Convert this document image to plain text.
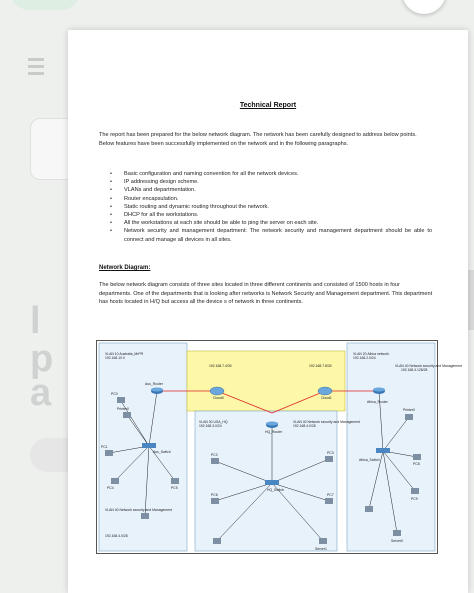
l
p
a
Technical Report

The report has been prepared for the below network diagram. The network has been carefully designed to address below points. Below features have been successfully implemented on the network and in the following paragraphs.

• Basic configuration and naming convention for all the network devices.
• IP addressing design scheme.
• VLANs and departmentation.
• Router encapsulation.
• Static routing and dynamic routing throughout the network.
• DHCP for all the workstations.
• All the workstations at each site should be able to ping the server on each site.
• Network security and management department: The network security and management department should be able to connect and manage all devices in all sites.
Network Diagram:

The below network diagram consists of three sites located in three different continents and consisted of 1500 hosts in four departments. One of the departments that is looking after networks is Network Security and Management department. This department has hosts located in H/Q but access all the device s of network in three continents.

VLAN 10 Australia_MrPR
192.168.10.0
Aus_Router
Aus_Switch
PC0
Printer0
PC1
PC4	PC5
VLAN 40 Network security and Management
192.168.4.0/28
192.168.7.4/30	192.168.7.8/30
Cloud0	Cloud1
HQ_Router
HQ_Switch
VLAN 30 USA_HQ
192.168.3.0/24
VLAN 40 Network security and Management
192.168.4.0/28
PC2
PC6
PC3
PC7
Server1
VLAN 20 Africa network
192.168.2.0/24
Africa_Router
Africa_Switch
VLAN 40 Network security and Management
192.168.4.128/28
Printer0
PC8
PC9
Server0
